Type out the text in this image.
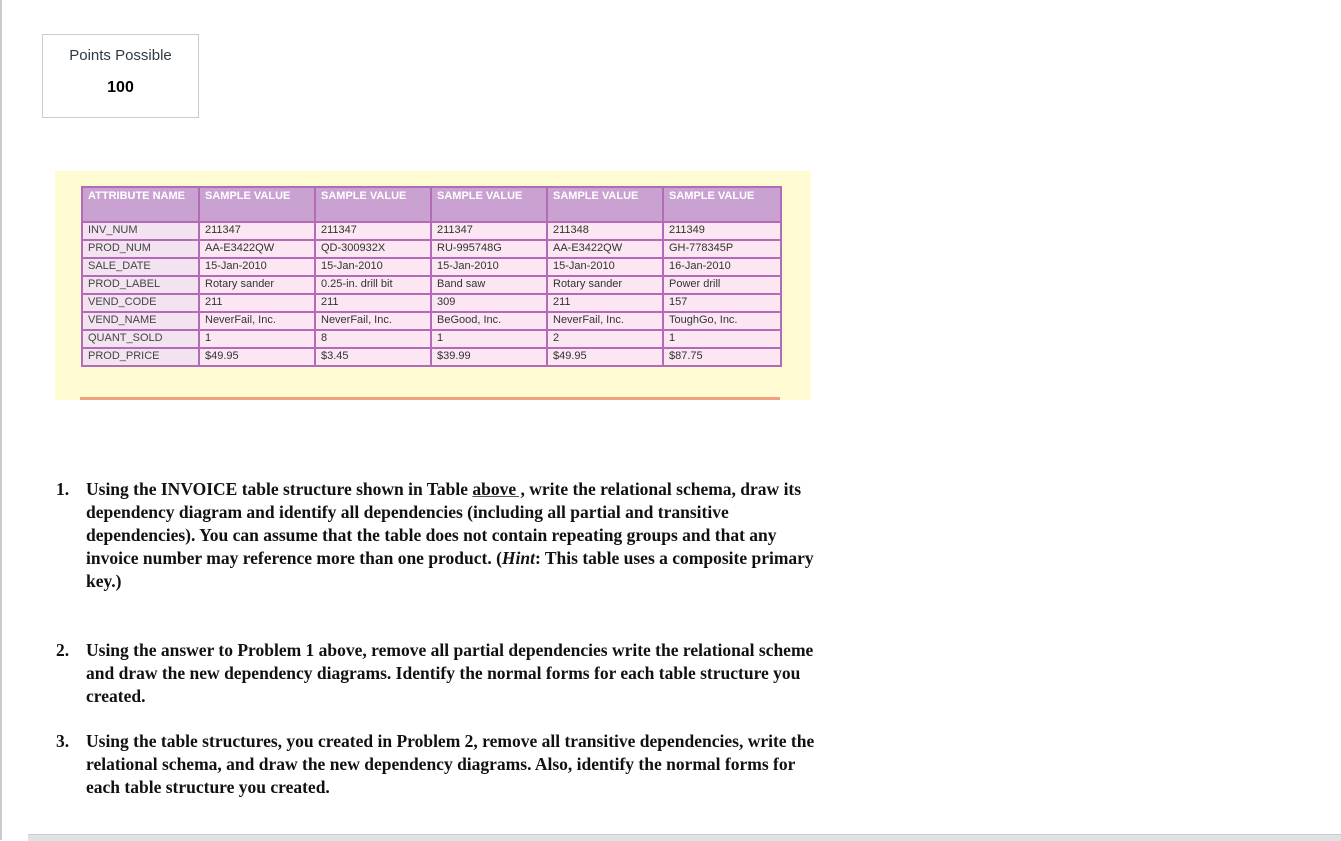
Points Possible
100
ATTRIBUTE NAME	SAMPLE VALUE	SAMPLE VALUE	SAMPLE VALUE	SAMPLE VALUE	SAMPLE VALUE
INV_NUM	211347	211347	211347	211348	211349
PROD_NUM	AA-E3422QW	QD-300932X	RU-995748G	AA-E3422QW	GH-778345P
SALE_DATE	15-Jan-2010	15-Jan-2010	15-Jan-2010	15-Jan-2010	16-Jan-2010
PROD_LABEL	Rotary sander	0.25-in. drill bit	Band saw	Rotary sander	Power drill
VEND_CODE	211	211	309	211	157
VEND_NAME	NeverFail, Inc.	NeverFail, Inc.	BeGood, Inc.	NeverFail, Inc.	ToughGo, Inc.
QUANT_SOLD	1	8	1	2	1
PROD_PRICE	$49.95	$3.45	$39.99	$49.95	$87.75
1. Using the INVOICE table structure shown in Table above , write the relational schema, draw its dependency diagram and identify all dependencies (including all partial and transitive dependencies). You can assume that the table does not contain repeating groups and that any invoice number may reference more than one product. (Hint: This table uses a composite primary key.)
2. Using the answer to Problem 1 above, remove all partial dependencies write the relational scheme and draw the new dependency diagrams. Identify the normal forms for each table structure you created.
3. Using the table structures, you created in Problem 2, remove all transitive dependencies, write the relational schema, and draw the new dependency diagrams. Also, identify the normal forms for each table structure you created.
